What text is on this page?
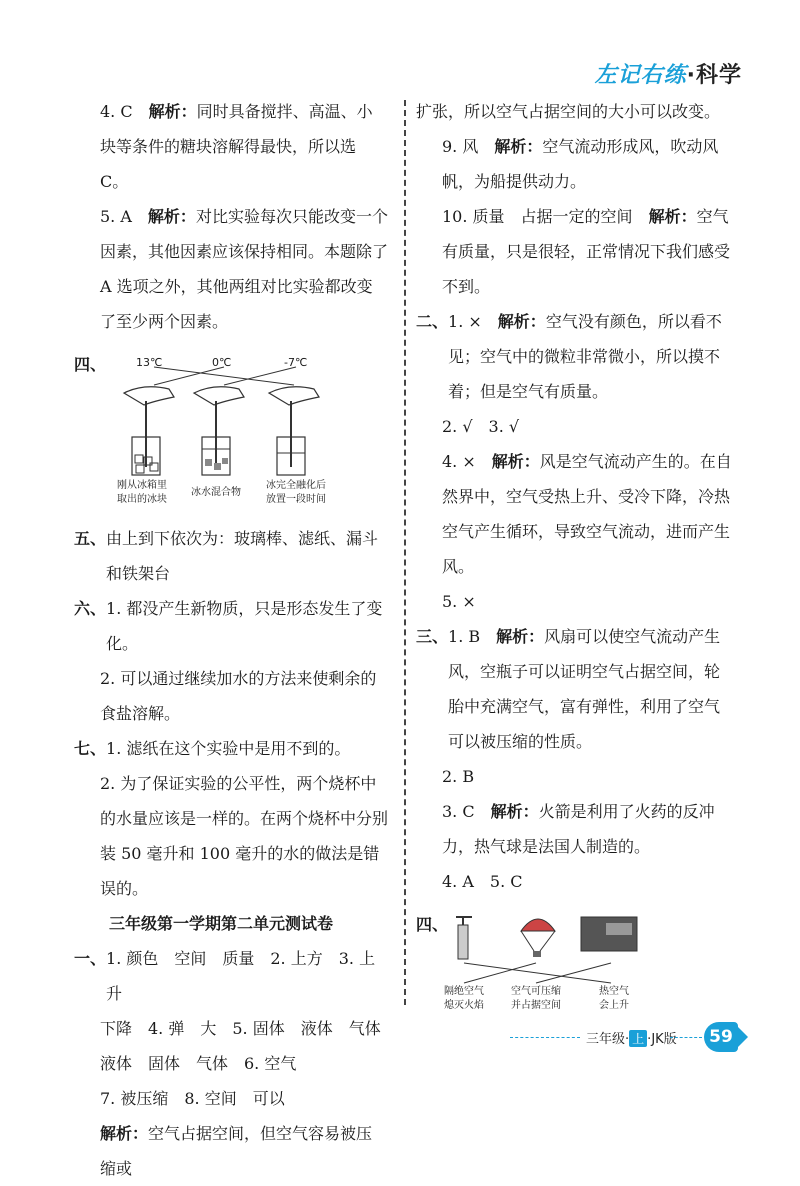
左记右练·科学

4. C　 解析：同时具备搅拌、高温、小块等条件的糖块溶解得最快，所以选 C。

5. A　 解析：对比实验每次只能改变一个因素，其他因素应该保持相同。本题除了 A 选项之外，其他两组对比实验都改变了至少两个因素。

四、	13℃	0℃	-7℃
刚从冰箱里
取出的冰块
冰水混合物
冰完全融化后
放置一段时间

五、 由上到下依次为：玻璃棒、滤纸、漏斗和铁架台

六、 1. 都没产生新物质，只是形态发生了变化。

2. 可以通过继续加水的方法来使剩余的食盐溶解。

七、 1. 滤纸在这个实验中是用不到的。

2. 为了保证实验的公平性，两个烧杯中的水量应该是一样的。在两个烧杯中分别装 50 毫升和 100 毫升的水的做法是错误的。

三年级第一学期第二单元测试卷

一、 1. 颜色　空间　质量　2. 上方　3. 上升

下降　4. 弹　大　5. 固体　液体　气体

液体　固体　气体　6. 空气

7. 被压缩　8. 空间　可以

解析：空气占据空间，但空气容易被压缩或

扩张，所以空气占据空间的大小可以改变。

9. 风　 解析：空气流动形成风，吹动风帆，为船提供动力。

10. 质量　占据一定的空间　 解析：空气有质量，只是很轻，正常情况下我们感受不到。

二、 1. ×　 解析：空气没有颜色，所以看不见；空气中的微粒非常微小，所以摸不着；但是空气有质量。

2. √　3. √

4. ×　 解析：风是空气流动产生的。在自然界中，空气受热上升、受冷下降，冷热空气产生循环，导致空气流动，进而产生风。

5. ×

三、 1. B　 解析：风扇可以使空气流动产生风，空瓶子可以证明空气占据空间，轮胎中充满空气，富有弹性，利用了空气可以被压缩的性质。

2. B

3. C　 解析：火箭是利用了火药的反冲力，热气球是法国人制造的。

4. A　5. C

四、
隔绝空气
熄灭火焰
空气可压缩
并占据空间
热空气
会上升
三年级· 上 ·JK版	59
